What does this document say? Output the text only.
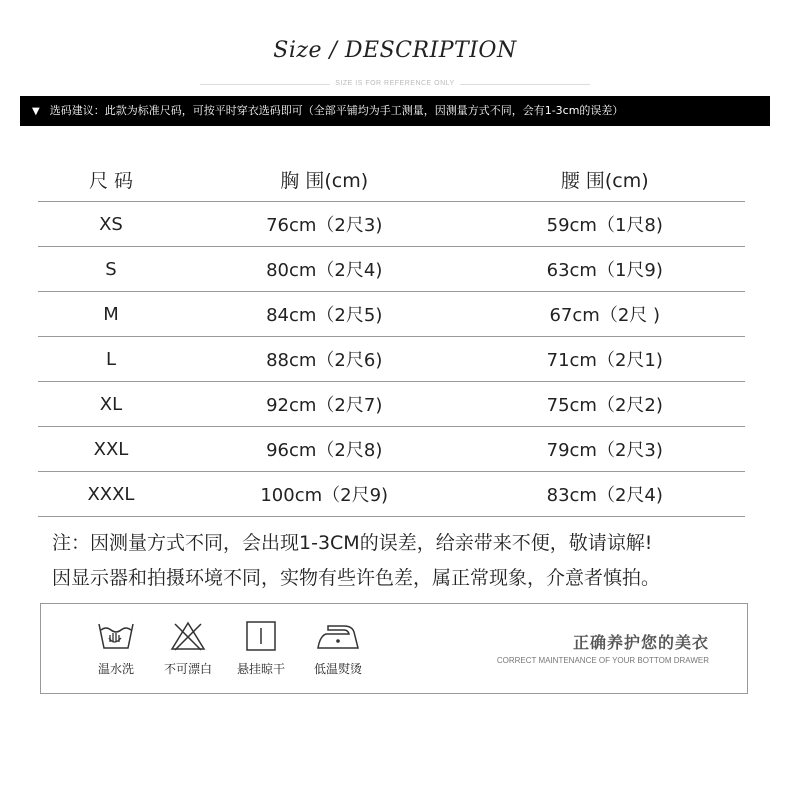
Size / DESCRIPTION
SIZE IS FOR REFERENCE ONLY
▼ 选码建议：此款为标准尺码，可按平时穿衣选码即可（全部平铺均为手工测量，因测量方式不同，会有1-3cm的误差）
尺 码	胸 围(cm)	腰 围(cm)
XS	76cm（2尺3)	59cm（1尺8)
S	80cm（2尺4)	63cm（1尺9)
M	84cm（2尺5)	67cm（2尺 )
L	88cm（2尺6)	71cm（2尺1)
XL	92cm（2尺7)	75cm（2尺2)
XXL	96cm（2尺8)	79cm（2尺3)
XXXL	100cm（2尺9)	83cm（2尺4)
注：因测量方式不同，会出现1-3CM的误差，给亲带来不便，敬请谅解!
因显示器和拍摄环境不同，实物有些许色差，属正常现象，介意者慎拍。
温水洗	不可漂白	悬挂晾干	低温熨烫
正确养护您的美衣
CORRECT MAINTENANCE OF YOUR BOTTOM DRAWER
